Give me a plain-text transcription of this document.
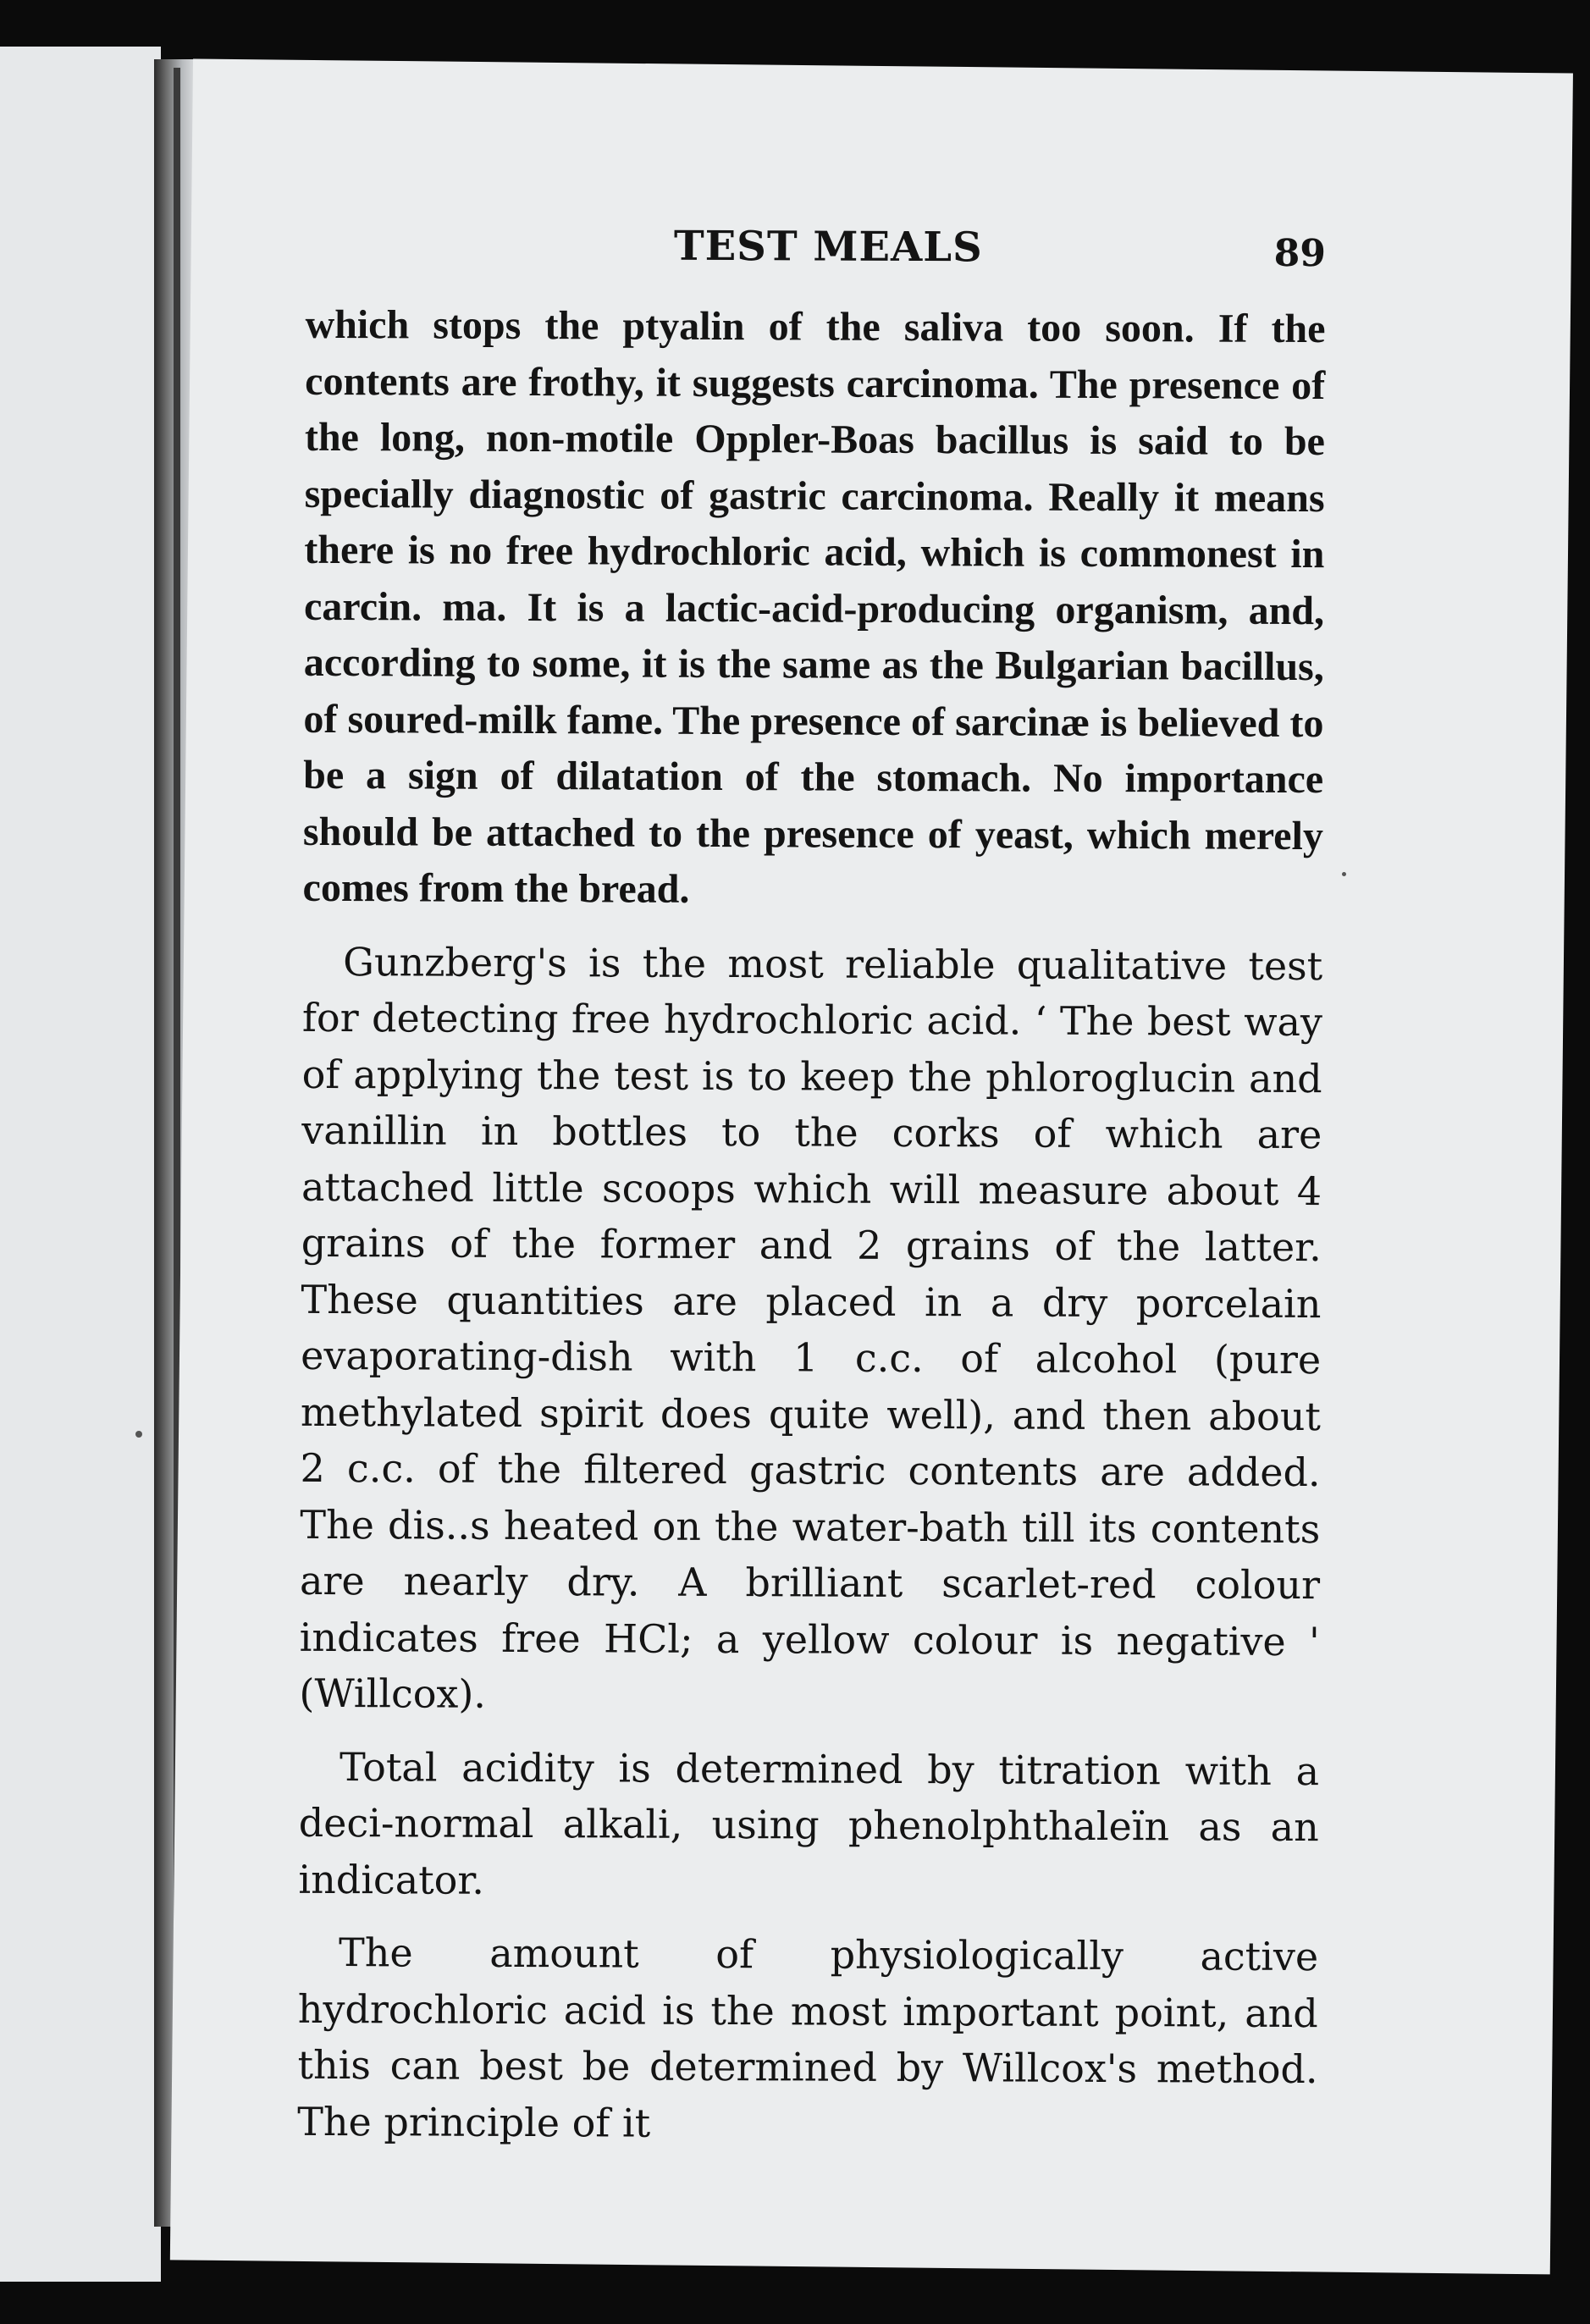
TEST MEALS	89

which stops the ptyalin of the saliva too soon. If the contents are frothy, it suggests carcinoma. The presence of the long, non-motile Oppler-Boas bacillus is said to be specially diagnostic of gastric carcinoma. Really it means there is no free hydrochloric acid, which is commonest in carcin. ma. It is a lactic-acid-producing organism, and, according to some, it is the same as the Bulgarian bacillus, of soured-milk fame. The presence of sarcinæ is believed to be a sign of dilatation of the stomach. No importance should be attached to the presence of yeast, which merely comes from the bread.

Gunzberg's is the most reliable qualitative test for detecting free hydrochloric acid. ‘ The best way of applying the test is to keep the phloroglucin and vanillin in bottles to the corks of which are attached little scoops which will measure about 4 grains of the former and 2 grains of the latter. These quantities are placed in a dry porcelain evaporating-dish with 1 c.c. of alcohol (pure methylated spirit does quite well), and then about 2 c.c. of the filtered gastric contents are added. The dis..s heated on the water-bath till its contents are nearly dry. A brilliant scarlet-red colour indicates free HCl; a yellow colour is negative ' (Willcox).

Total acidity is determined by titration with a deci-normal alkali, using phenolphthaleïn as an indicator.

The amount of physiologically active hydrochloric acid is the most important point, and this can best be determined by Willcox's method. The principle of it
